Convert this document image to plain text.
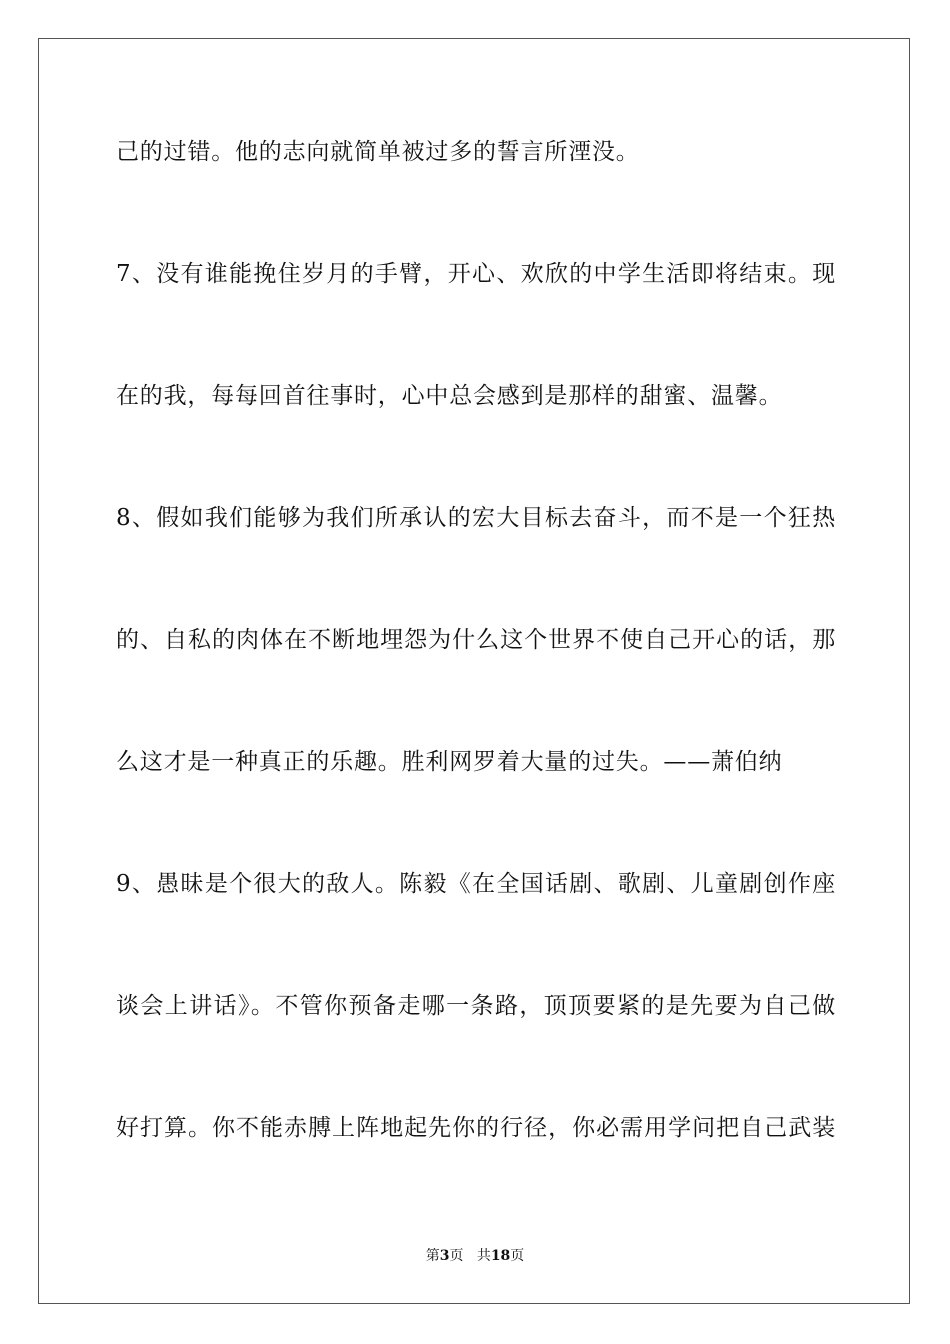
己的过错。他的志向就简单被过多的誓言所湮没。
7、没有谁能挽住岁月的手臂，开心、欢欣的中学生活即将结束。现
在的我，每每回首往事时，心中总会感到是那样的甜蜜、温馨。
8、假如我们能够为我们所承认的宏大目标去奋斗，而不是一个狂热
的、自私的肉体在不断地埋怨为什么这个世界不使自己开心的话，那
么这才是一种真正的乐趣。胜利网罗着大量的过失。——萧伯纳
9、愚昧是个很大的敌人。陈毅《在全国话剧、歌剧、儿童剧创作座
谈会上讲话》。不管你预备走哪一条路，顶顶要紧的是先要为自己做
好打算。你不能赤膊上阵地起先你的行径，你必需用学问把自己武装
第3页 共18页
